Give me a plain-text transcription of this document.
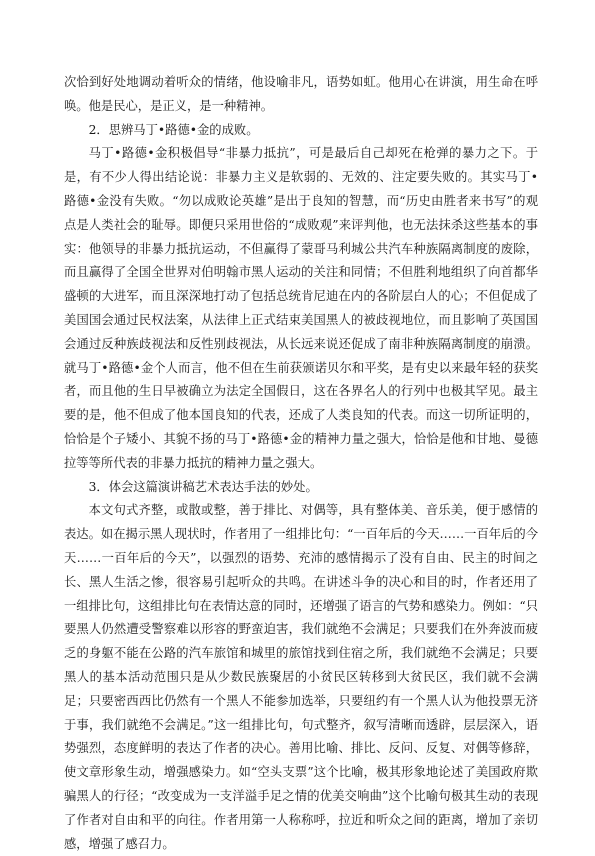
次恰到好处地调动着听众的情绪，他设喻非凡，语势如虹。他用心在讲演，用生命在呼唤。他是民心，是正义，是一种精神。

2．思辨马丁•路德•金的成败。

马丁•路德•金积极倡导“非暴力抵抗”，可是最后自己却死在枪弹的暴力之下。于是，有不少人得出结论说：非暴力主义是软弱的、无效的、注定要失败的。其实马丁•路德•金没有失败。“勿以成败论英雄”是出于良知的智慧，而“历史由胜者来书写”的观点是人类社会的耻辱。即便只采用世俗的“成败观”来评判他，也无法抹杀这些基本的事实：他领导的非暴力抵抗运动，不但赢得了蒙哥马利城公共汽车种族隔离制度的废除，而且赢得了全国全世界对伯明翰市黑人运动的关注和同情；不但胜利地组织了向首都华盛顿的大进军，而且深深地打动了包括总统肯尼迪在内的各阶层白人的心；不但促成了美国国会通过民权法案，从法律上正式结束美国黑人的被歧视地位，而且影响了英国国会通过反种族歧视法和反性别歧视法，从长远来说还促成了南非种族隔离制度的崩溃。就马丁•路德•金个人而言，他不但在生前获颁诺贝尔和平奖，是有史以来最年轻的获奖者，而且他的生日早被确立为法定全国假日，这在各界名人的行列中也极其罕见。最主要的是，他不但成了他本国良知的代表，还成了人类良知的代表。而这一切所证明的，恰恰是个子矮小、其貌不扬的马丁•路德•金的精神力量之强大，恰恰是他和甘地、曼德拉等等所代表的非暴力抵抗的精神力量之强大。

3．体会这篇演讲稿艺术表达手法的妙处。

本文句式齐整，或散或整，善于排比、对偶等，具有整体美、音乐美，便于感情的表达。如在揭示黑人现状时，作者用了一组排比句：“一百年后的今天……一百年后的今天……一百年后的今天”，以强烈的语势、充沛的感情揭示了没有自由、民主的时间之长、黑人生活之惨，很容易引起听众的共鸣。在讲述斗争的决心和目的时，作者还用了一组排比句，这组排比句在表情达意的同时，还增强了语言的气势和感染力。例如：“只要黑人仍然遭受警察难以形容的野蛮迫害，我们就绝不会满足；只要我们在外奔波而疲乏的身躯不能在公路的汽车旅馆和城里的旅馆找到住宿之所，我们就绝不会满足；只要黑人的基本活动范围只是从少数民族聚居的小贫民区转移到大贫民区，我们就不会满足；只要密西西比仍然有一个黑人不能参加选举，只要纽约有一个黑人认为他投票无济于事，我们就绝不会满足。”这一组排比句，句式整齐，叙写清晰而透辟，层层深入，语势强烈，态度鲜明的表达了作者的决心。善用比喻、排比、反问、反复、对偶等修辞，使文章形象生动，增强感染力。如“空头支票”这个比喻，极其形象地论述了美国政府欺骗黑人的行径；“改变成为一支洋溢手足之情的优美交响曲”这个比喻句极其生动的表现了作者对自由和平的向往。作者用第一人称称呼，拉近和听众之间的距离，增加了亲切感，增强了感召力。
